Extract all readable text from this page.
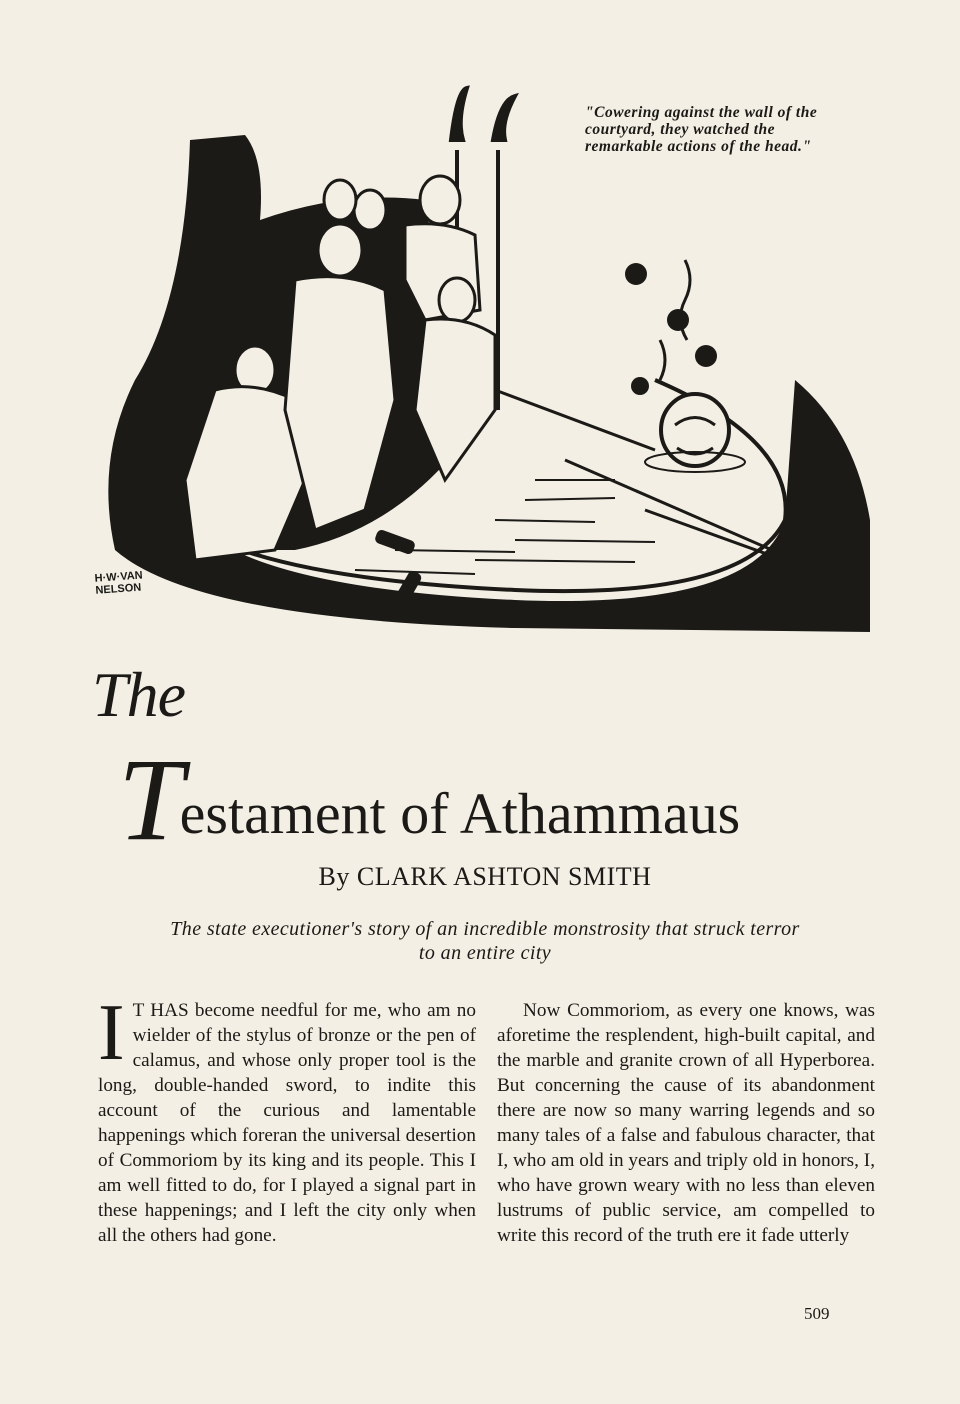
"Cowering against the wall of the courtyard, they watched the remarkable actions of the head."
H·W·VAN NELSON
The
Testament of Athammaus
By CLARK ASHTON SMITH
The state executioner's story of an incredible monstrosity that struck terror to an entire city

I T HAS become needful for me, who am no wielder of the stylus of bronze or the pen of calamus, and whose only proper tool is the long, double-handed sword, to indite this account of the curious and lamentable happenings which foreran the universal desertion of Commoriom by its king and its people. This I am well fitted to do, for I played a signal part in these happenings; and I left the city only when all the others had gone.

Now Commoriom, as every one knows, was aforetime the resplendent, high-built capital, and the marble and granite crown of all Hyperborea. But concerning the cause of its abandonment there are now so many warring legends and so many tales of a false and fabulous character, that I, who am old in years and triply old in honors, I, who have grown weary with no less than eleven lustrums of public service, am compelled to write this record of the truth ere it fade utterly

509
